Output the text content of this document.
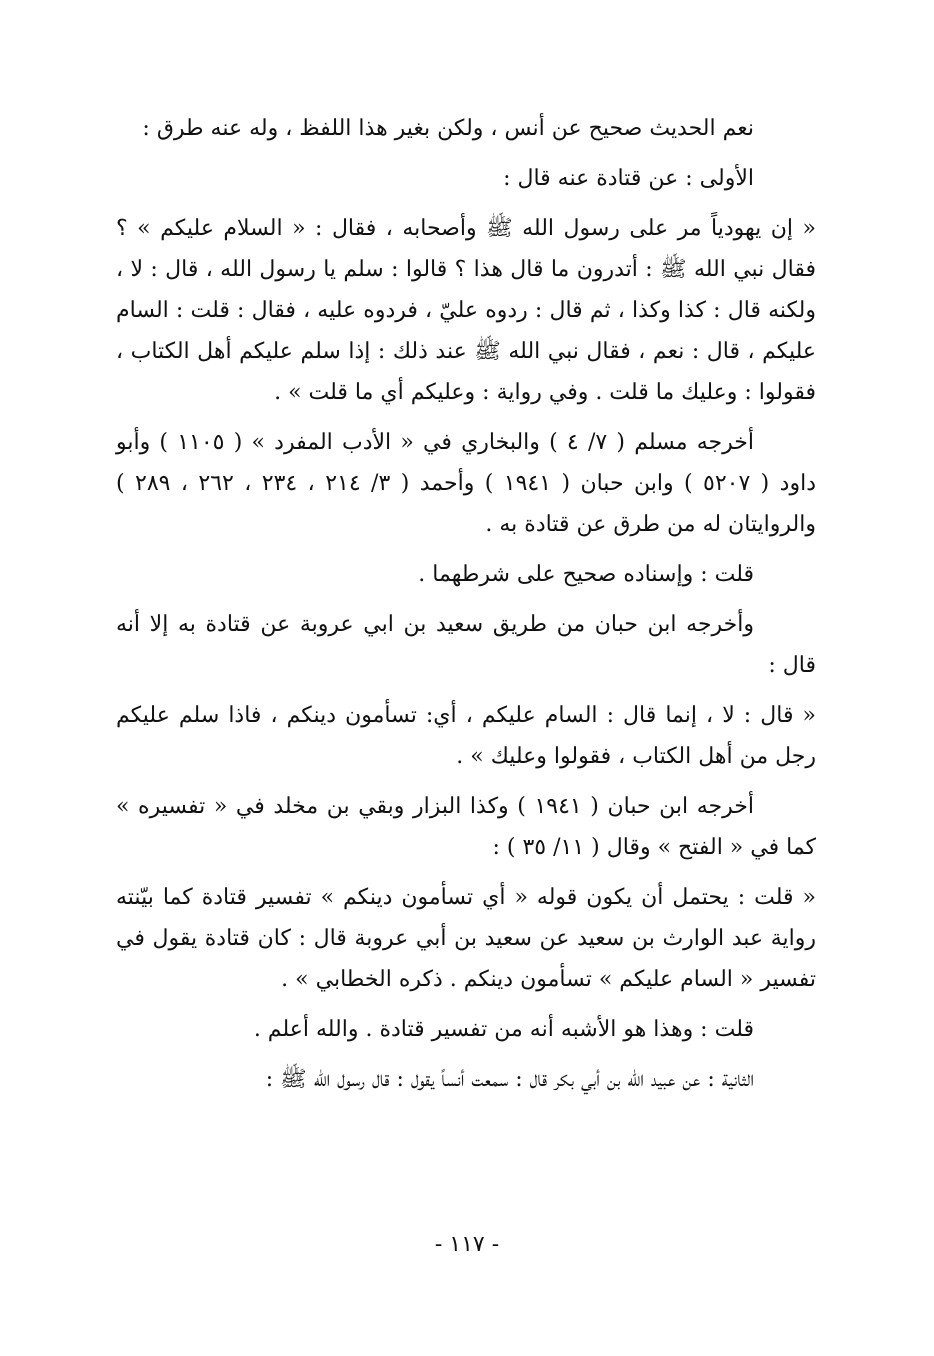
نعم الحديث صحيح عن أنس ، ولكن بغير هذا اللفظ ، وله عنه طرق :

الأولى : عن قتادة عنه قال :

« إن يهودياً مر على رسول الله ﷺ وأصحابه ، فقال : « السلام عليكم » ؟ فقال نبي الله ﷺ : أتدرون ما قال هذا ؟ قالوا : سلم يا رسول الله ، قال : لا ، ولكنه قال : كذا وكذا ، ثم قال : ردوه عليّ ، فردوه عليه ، فقال : قلت : السام عليكم ، قال : نعم ، فقال نبي الله ﷺ عند ذلك : إذا سلم عليكم أهل الكتاب ، فقولوا : وعليك ما قلت . وفي رواية : وعليكم أي ما قلت » .

أخرجه مسلم ( ٧/ ٤ ) والبخاري في « الأدب المفرد » ( ١١٠٥ ) وأبو داود ( ٥٢٠٧ ) وابن حبان ( ١٩٤١ ) وأحمد ( ٣/ ٢١٤ ، ٢٣٤ ، ٢٦٢ ، ٢٨٩ ) والروايتان له من طرق عن قتادة به .

قلت : وإسناده صحيح على شرطهما .

وأخرجه ابن حبان من طريق سعيد بن ابي عروبة عن قتادة به إلا أنه قال :

« قال : لا ، إنما قال : السام عليكم ، أي: تسأمون دينكم ، فاذا سلم عليكم رجل من أهل الكتاب ، فقولوا وعليك » .

أخرجه ابن حبان ( ١٩٤١ ) وكذا البزار وبقي بن مخلد في « تفسيره » كما في « الفتح » وقال ( ١١/ ٣٥ ) :

« قلت : يحتمل أن يكون قوله « أي تسأمون دينكم » تفسير قتادة كما بيّنته رواية عبد الوارث بن سعيد عن سعيد بن أبي عروبة قال : كان قتادة يقول في تفسير « السام عليكم » تسأمون دينكم . ذكره الخطابي » .

قلت : وهذا هو الأشبه أنه من تفسير قتادة . والله أعلم .

الثانية : عن عبيد الله بن أبي بكر قال : سمعت أنساً يقول : قال رسول الله ﷺ :

- ١١٧ -
